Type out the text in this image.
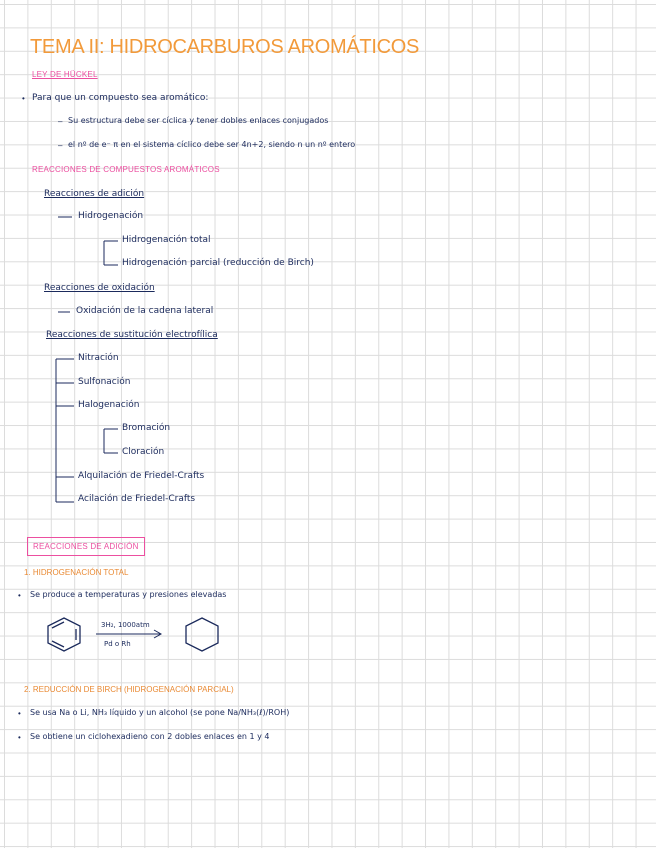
TEMA II: HIDROCARBUROS AROMÁTICOS
LEY DE HÜCKEL
• Para que un compuesto sea aromático:
– Su estructura debe ser cíclica y tener dobles enlaces conjugados
– el nº de e⁻ π en el sistema cíclico debe ser 4n+2, siendo n un nº entero
REACCIONES DE COMPUESTOS AROMÁTICOS
Reacciones de adición
Hidrogenación
Hidrogenación total
Hidrogenación parcial (reducción de Birch)
Reacciones de oxidación
Oxidación de la cadena lateral
Reacciones de sustitución electrofílica
Nitración
Sulfonación
Halogenación
Bromación
Cloración
Alquilación de Friedel-Crafts
Acilación de Friedel-Crafts
REACCIONES DE ADICIÓN
1. HIDROGENACIÓN TOTAL
• Se produce a temperaturas y presiones elevadas
3H₂, 1000atm
Pd o Rh
2. REDUCCIÓN DE BIRCH (HIDROGENACIÓN PARCIAL)
• Se usa Na o Li, NH₃ líquido y un alcohol (se pone Na/NH₃(ℓ)/ROH)
• Se obtiene un ciclohexadieno con 2 dobles enlaces en 1 y 4
